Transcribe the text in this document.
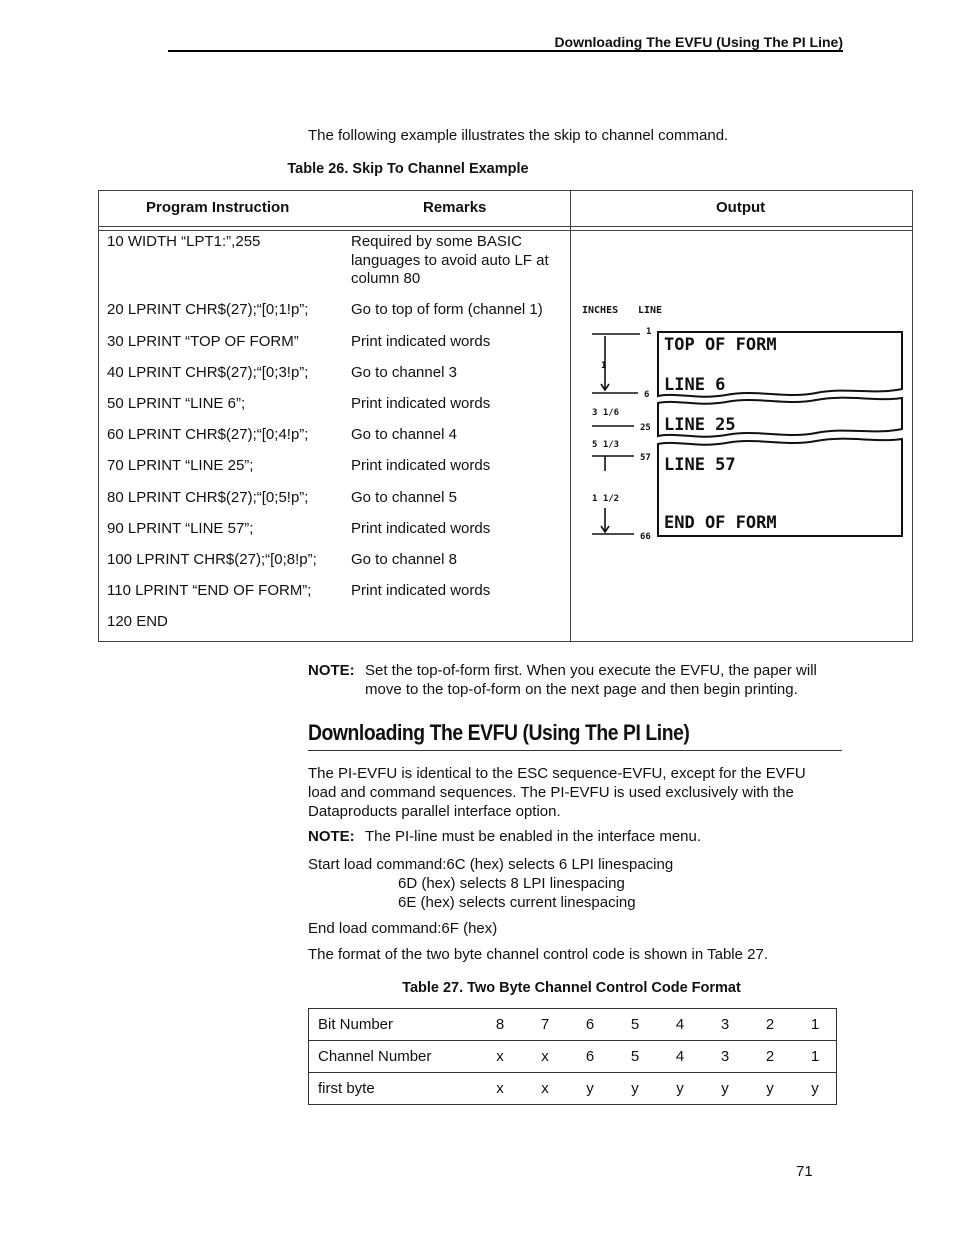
Downloading The EVFU (Using The PI Line)
The following example illustrates the skip to channel command.
Table 26. Skip To Channel Example
Program Instruction	Remarks	Output
10 WIDTH “LPT1:”,255	Required by some BASIC
languages to avoid auto LF at
column 80
20 LPRINT CHR$(27);“[0;1!p”;	Go to top of form (channel 1)
30 LPRINT “TOP OF FORM”	Print indicated words
40 LPRINT CHR$(27);“[0;3!p”;	Go to channel 3
50 LPRINT “LINE 6”;	Print indicated words
60 LPRINT CHR$(27);“[0;4!p”;	Go to channel 4
70 LPRINT “LINE 25”;	Print indicated words
80 LPRINT CHR$(27);“[0;5!p”;	Go to channel 5
90 LPRINT “LINE 57”;	Print indicated words
100 LPRINT CHR$(27);“[0;8!p”; Go to channel 8
110 LPRINT “END OF FORM”;	Print indicated words
120 END
INCHES LINE
1
6
25
57
66
1
3 1/6
5 1/3
1 1/2
TOP OF FORM
LINE 6
LINE 25
LINE 57
END OF FORM
NOTE: Set the top-of-form first. When you execute the EVFU, the paper will
move to the top-of-form on the next page and then begin printing.
Downloading The EVFU (Using The PI Line)
The PI-EVFU is identical to the ESC sequence-EVFU, except for the EVFU
load and command sequences. The PI-EVFU is used exclusively with the
Dataproducts parallel interface option.
NOTE: The PI-line must be enabled in the interface menu.
Start load command:6C (hex) selects 6 LPI linespacing
6D (hex) selects 8 LPI linespacing
6E (hex) selects current linespacing
End load command:6F (hex)
The format of the two byte channel control code is shown in Table 27.
Table 27. Two Byte Channel Control Code Format
Bit Number	8	7	6	5	4	3	2	1
Channel Number	x	x	6	5	4	3	2	1
first byte	x	x	y	y	y	y	y	y
71
